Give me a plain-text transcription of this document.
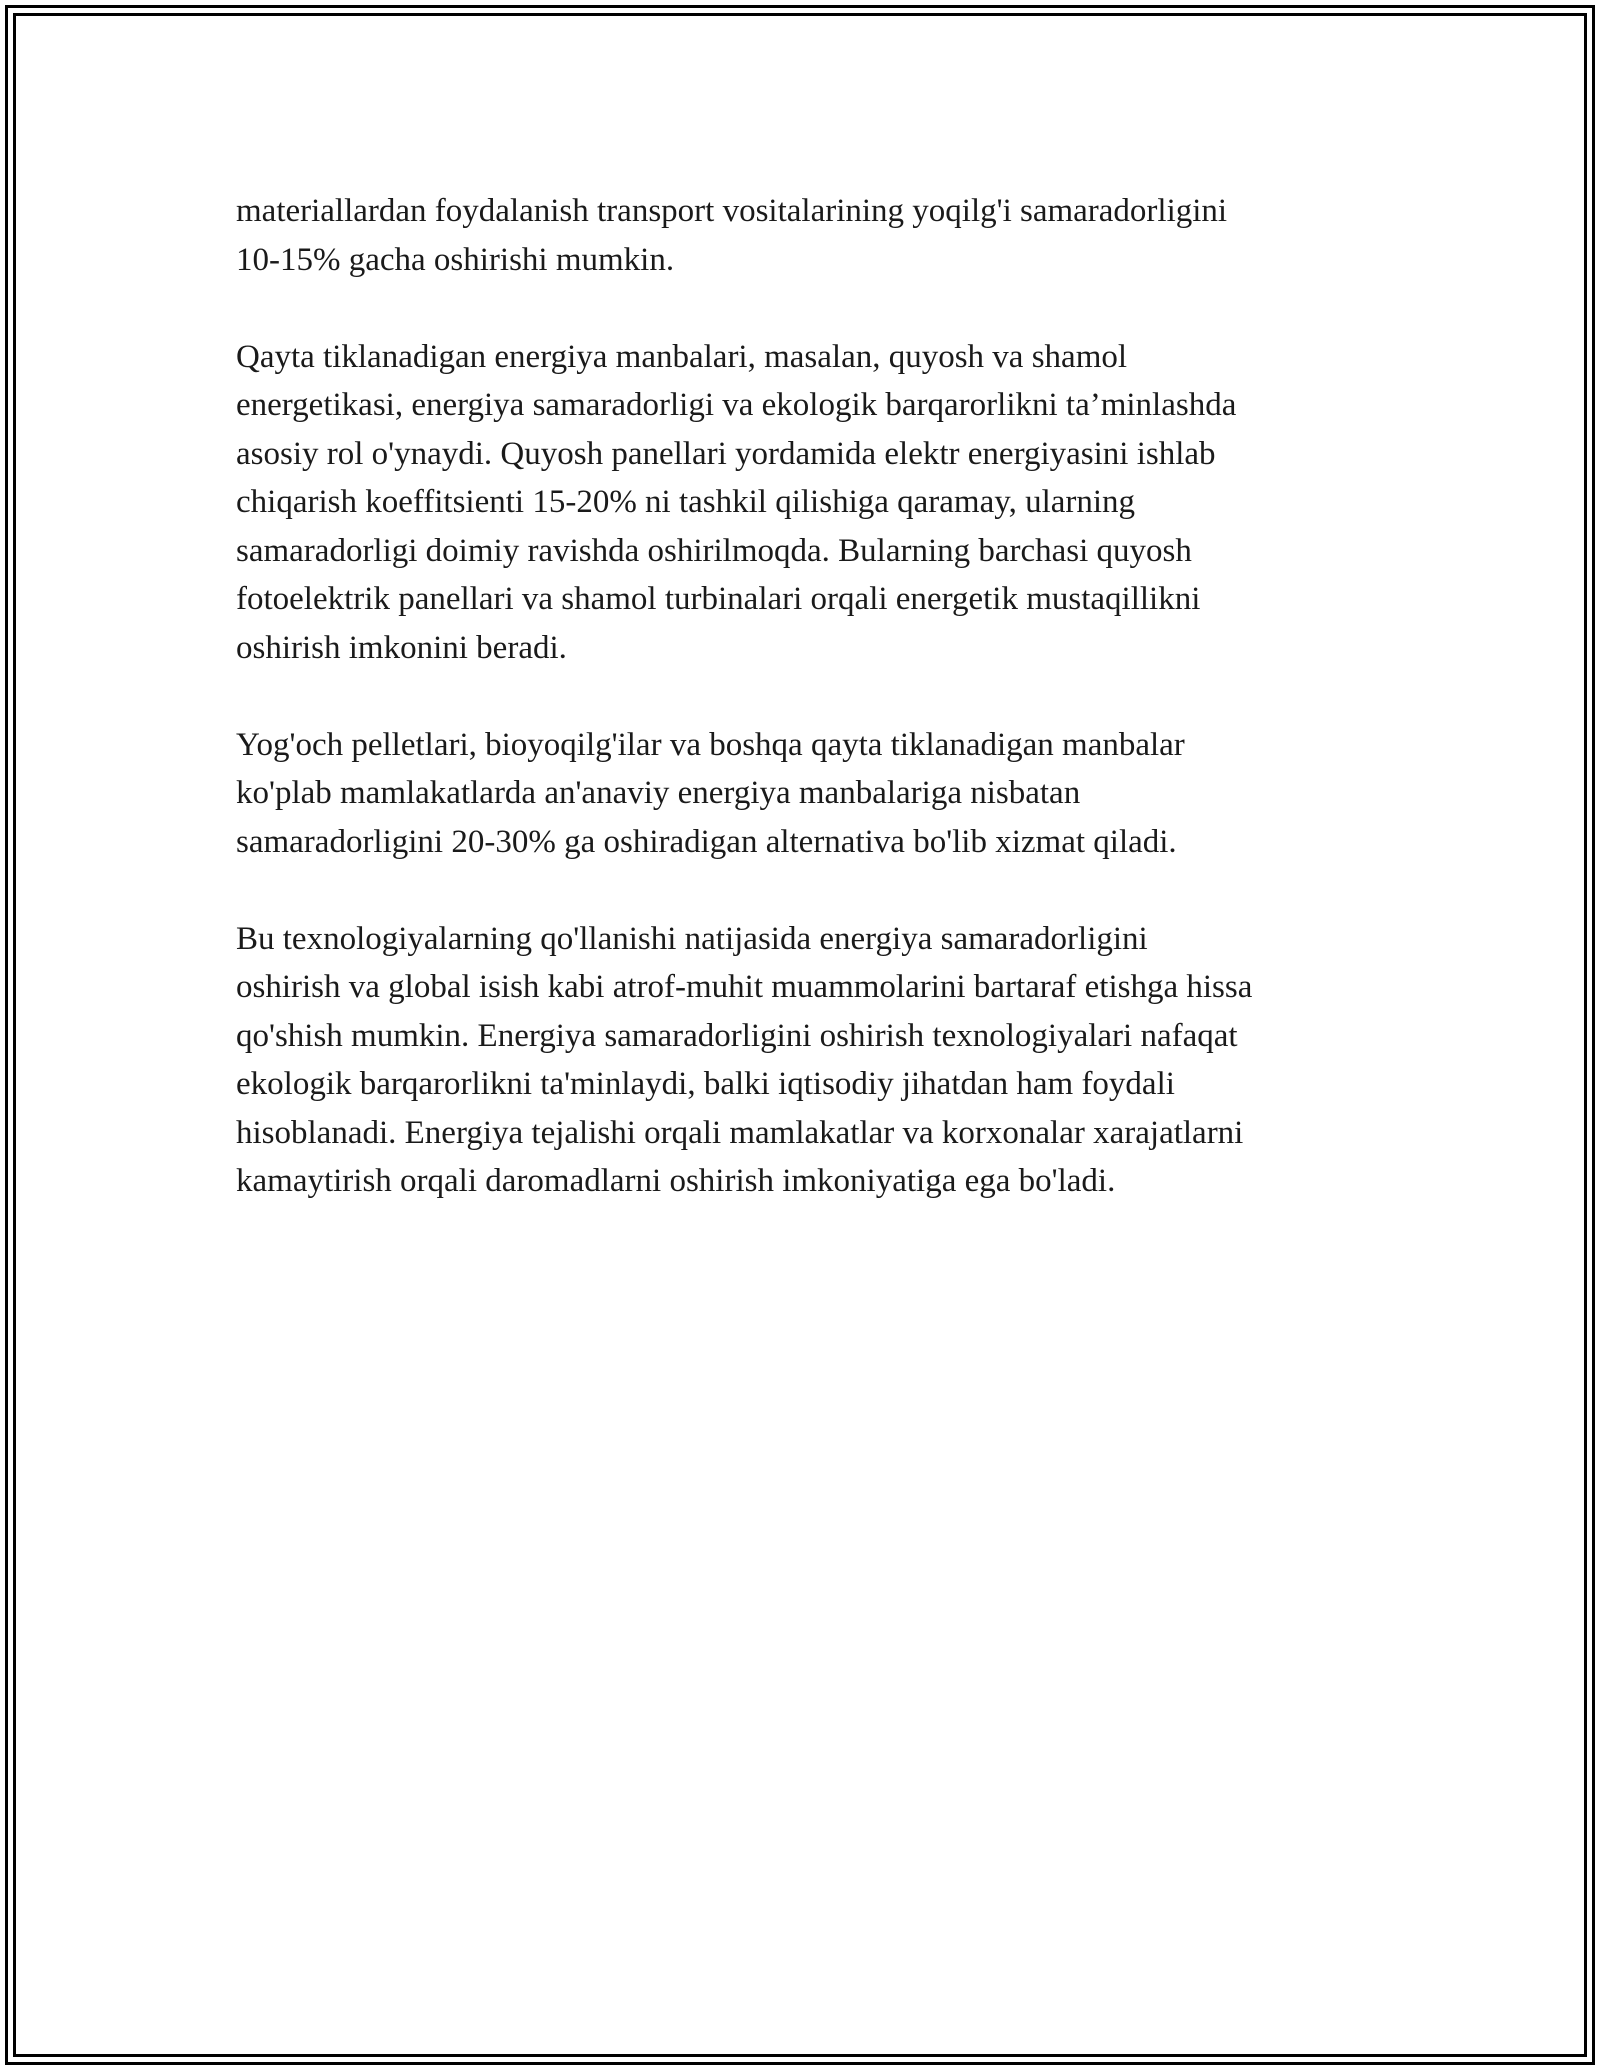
materiallardan foydalanish transport vositalarining yoqilg'i samaradorligini
10-15% gacha oshirishi mumkin.

Qayta tiklanadigan energiya manbalari, masalan, quyosh va shamol
energetikasi, energiya samaradorligi va ekologik barqarorlikni ta’minlashda
asosiy rol o'ynaydi. Quyosh panellari yordamida elektr energiyasini ishlab
chiqarish koeffitsienti 15-20% ni tashkil qilishiga qaramay, ularning
samaradorligi doimiy ravishda oshirilmoqda. Bularning barchasi quyosh
fotoelektrik panellari va shamol turbinalari orqali energetik mustaqillikni
oshirish imkonini beradi.

Yog'och pelletlari, bioyoqilg'ilar va boshqa qayta tiklanadigan manbalar
ko'plab mamlakatlarda an'anaviy energiya manbalariga nisbatan
samaradorligini 20-30% ga oshiradigan alternativa bo'lib xizmat qiladi.

Bu texnologiyalarning qo'llanishi natijasida energiya samaradorligini
oshirish va global isish kabi atrof-muhit muammolarini bartaraf etishga hissa
qo'shish mumkin. Energiya samaradorligini oshirish texnologiyalari nafaqat
ekologik barqarorlikni ta'minlaydi, balki iqtisodiy jihatdan ham foydali
hisoblanadi. Energiya tejalishi orqali mamlakatlar va korxonalar xarajatlarni
kamaytirish orqali daromadlarni oshirish imkoniyatiga ega bo'ladi.
